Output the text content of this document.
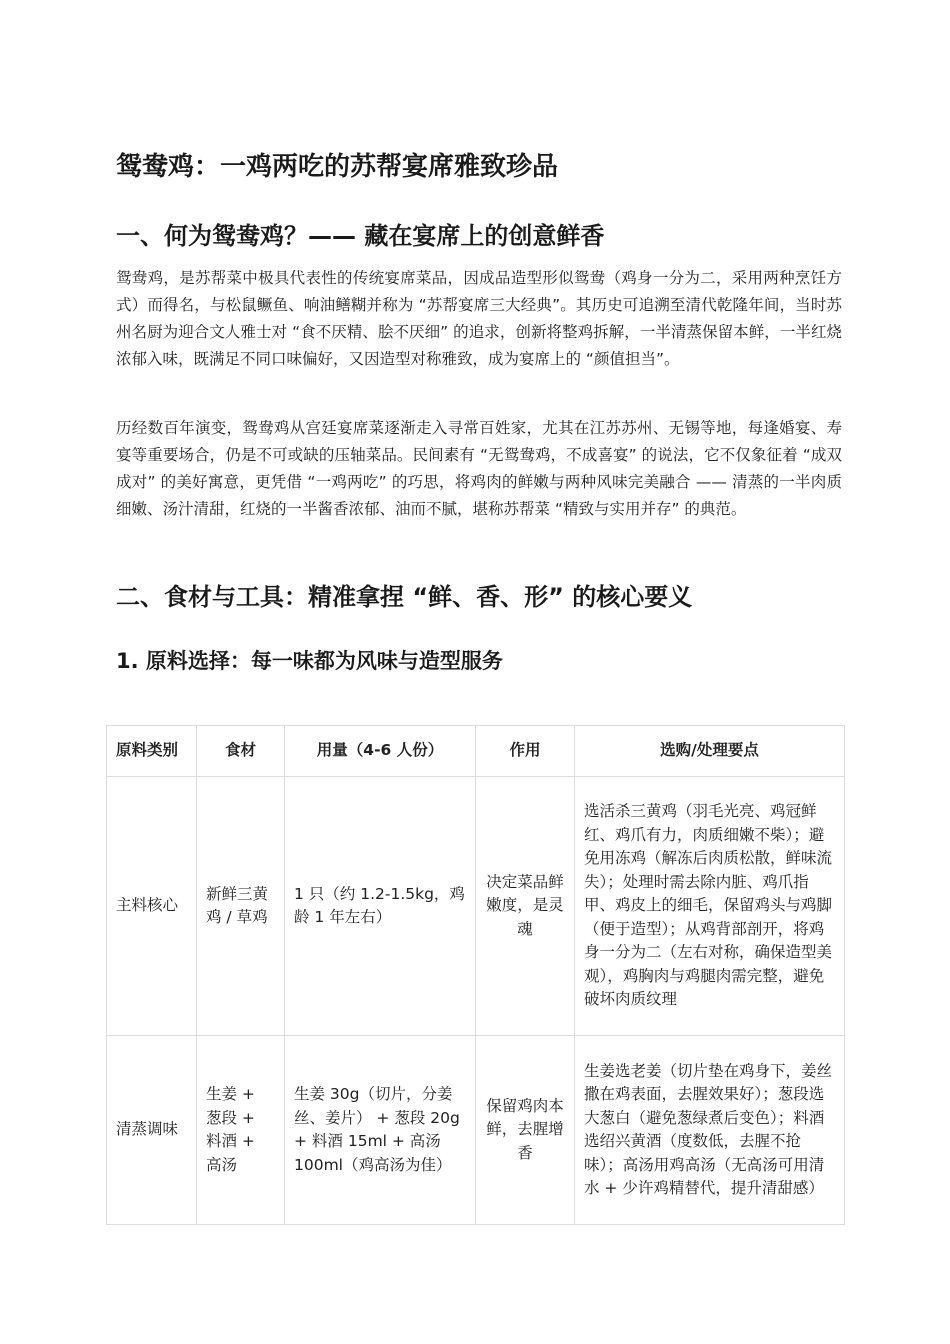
鸳鸯鸡：一鸡两吃的苏帮宴席雅致珍品
一、何为鸳鸯鸡？—— 藏在宴席上的创意鲜香

鸳鸯鸡，是苏帮菜中极具代表性的传统宴席菜品，因成品造型形似鸳鸯（鸡身一分为二，采用两种烹饪方式）而得名，与松鼠鳜鱼、响油鳝糊并称为 “苏帮宴席三大经典”。其历史可追溯至清代乾隆年间，当时苏州名厨为迎合文人雅士对 “食不厌精、脍不厌细” 的追求，创新将整鸡拆解，一半清蒸保留本鲜，一半红烧浓郁入味，既满足不同口味偏好，又因造型对称雅致，成为宴席上的 “颜值担当”。

历经数百年演变，鸳鸯鸡从宫廷宴席菜逐渐走入寻常百姓家，尤其在江苏苏州、无锡等地，每逢婚宴、寿宴等重要场合，仍是不可或缺的压轴菜品。民间素有 “无鸳鸯鸡，不成喜宴” 的说法，它不仅象征着 “成双成对” 的美好寓意，更凭借 “一鸡两吃” 的巧思，将鸡肉的鲜嫩与两种风味完美融合 —— 清蒸的一半肉质细嫩、汤汁清甜，红烧的一半酱香浓郁、油而不腻，堪称苏帮菜 “精致与实用并存” 的典范。

二、食材与工具：精准拿捏 “鲜、香、形” 的核心要义
1. 原料选择：每一味都为风味与造型服务
原料类别	食材	用量（4-6 人份）	作用	选购/处理要点
主料核心	新鲜三黄鸡 / 草鸡	1 只（约 1.2-1.5kg，鸡龄 1 年左右）	决定菜品鲜嫩度，是灵魂	选活杀三黄鸡（羽毛光亮、鸡冠鲜红、鸡爪有力，肉质细嫩不柴）；避免用冻鸡（解冻后肉质松散，鲜味流失）；处理时需去除内脏、鸡爪指甲、鸡皮上的细毛，保留鸡头与鸡脚（便于造型）；从鸡背部剖开，将鸡身一分为二（左右对称，确保造型美观），鸡胸肉与鸡腿肉需完整，避免破坏肉质纹理
清蒸调味	生姜 + 葱段 + 料酒 + 高汤	生姜 30g（切片，分姜丝、姜片） + 葱段 20g + 料酒 15ml + 高汤 100ml（鸡高汤为佳）	保留鸡肉本鲜，去腥增香	生姜选老姜（切片垫在鸡身下，姜丝撒在鸡表面，去腥效果好）；葱段选大葱白（避免葱绿煮后变色）；料酒选绍兴黄酒（度数低，去腥不抢味）；高汤用鸡高汤（无高汤可用清水 + 少许鸡精替代，提升清甜感）
